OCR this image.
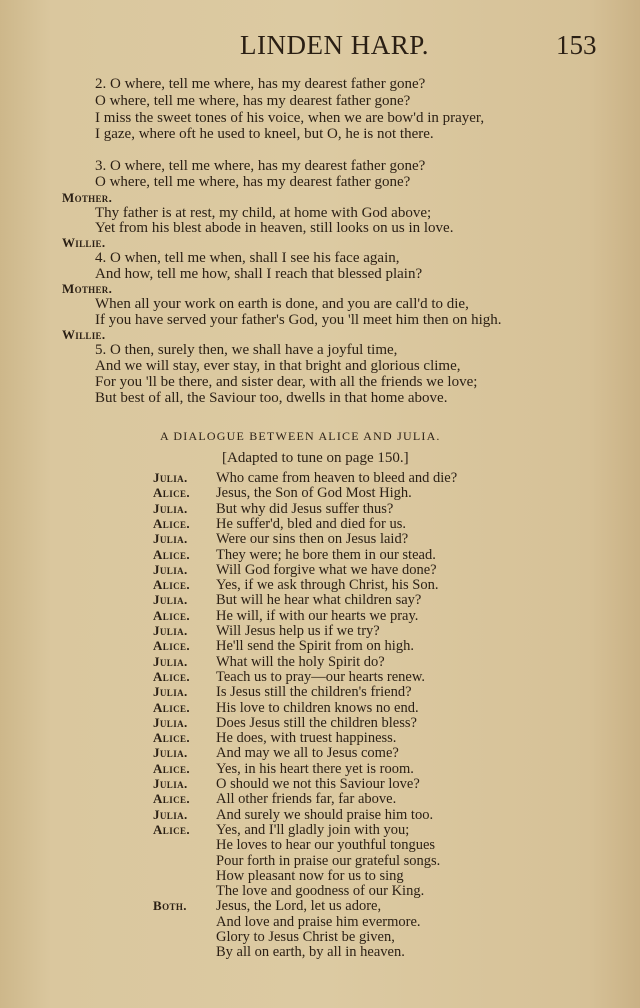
LINDEN HARP.	153
2. O where, tell me where, has my dearest father gone?
O where, tell me where, has my dearest father gone?
I miss the sweet tones of his voice, when we are bow'd in prayer,
I gaze, where oft he used to kneel, but O, he is not there.
3. O where, tell me where, has my dearest father gone?
O where, tell me where, has my dearest father gone?
Mother.
Thy father is at rest, my child, at home with God above;
Yet from his blest abode in heaven, still looks on us in love.
Willie.
4. O when, tell me when, shall I see his face again,
And how, tell me how, shall I reach that blessed plain?
Mother.
When all your work on earth is done, and you are call'd to die,
If you have served your father's God, you 'll meet him then on high.
Willie.
5. O then, surely then, we shall have a joyful time,
And we will stay, ever stay, in that bright and glorious clime,
For you 'll be there, and sister dear, with all the friends we love;
But best of all, the Saviour too, dwells in that home above.
A DIALOGUE BETWEEN ALICE AND JULIA.
[Adapted to tune on page 150.]
Julia. Who came from heaven to bleed and die?
Alice. Jesus, the Son of God Most High.
Julia. But why did Jesus suffer thus?
Alice. He suffer'd, bled and died for us.
Julia. Were our sins then on Jesus laid?
Alice. They were; he bore them in our stead.
Julia. Will God forgive what we have done?
Alice. Yes, if we ask through Christ, his Son.
Julia. But will he hear what children say?
Alice. He will, if with our hearts we pray.
Julia. Will Jesus help us if we try?
Alice. He'll send the Spirit from on high.
Julia. What will the holy Spirit do?
Alice. Teach us to pray—our hearts renew.
Julia. Is Jesus still the children's friend?
Alice. His love to children knows no end.
Julia. Does Jesus still the children bless?
Alice. He does, with truest happiness.
Julia. And may we all to Jesus come?
Alice. Yes, in his heart there yet is room.
Julia. O should we not this Saviour love?
Alice. All other friends far, far above.
Julia. And surely we should praise him too.
Alice. Yes, and I'll gladly join with you;
He loves to hear our youthful tongues
Pour forth in praise our grateful songs.
How pleasant now for us to sing
The love and goodness of our King.
Both. Jesus, the Lord, let us adore,
And love and praise him evermore.
Glory to Jesus Christ be given,
By all on earth, by all in heaven.
